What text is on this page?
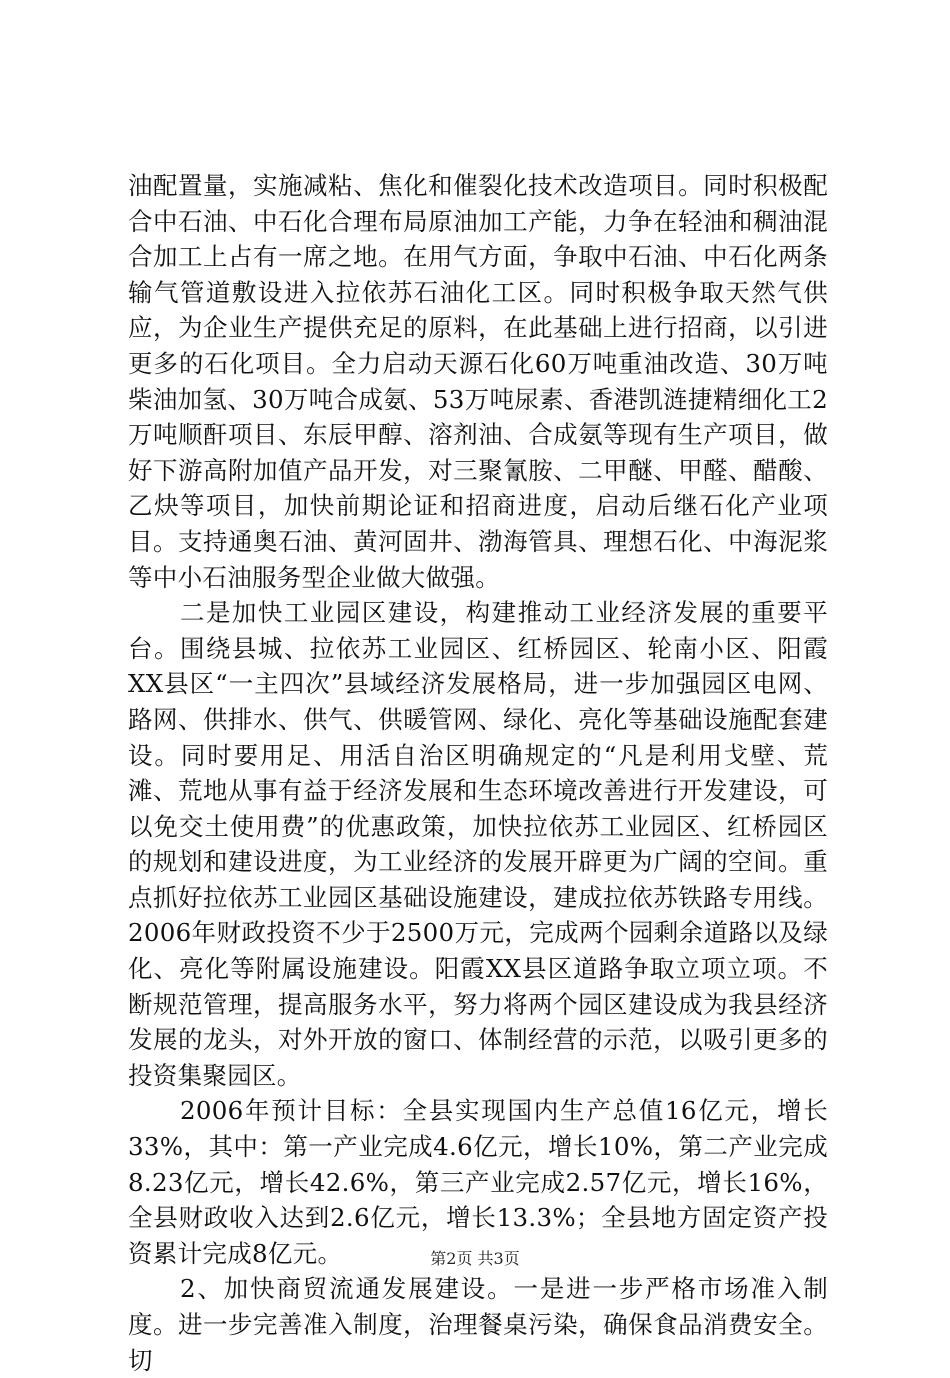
油配置量，实施减粘、焦化和催裂化技术改造项目。同时积极配合中石油、中石化合理布局原油加工产能，力争在轻油和稠油混合加工上占有一席之地。在用气方面，争取中石油、中石化两条输气管道敷设进入拉依苏石油化工区。同时积极争取天然气供应，为企业生产提供充足的原料，在此基础上进行招商，以引进更多的石化项目。全力启动天源石化60万吨重油改造、30万吨柴油加氢、30万吨合成氨、53万吨尿素、香港凯涟捷精细化工2万吨顺酐项目、东辰甲醇、溶剂油、合成氨等现有生产项目，做好下游高附加值产品开发，对三聚氰胺、二甲醚、甲醛、醋酸、乙炔等项目，加快前期论证和招商进度，启动后继石化产业项目。支持通奥石油、黄河固井、渤海管具、理想石化、中海泥浆等中小石油服务型企业做大做强。

二是加快工业园区建设，构建推动工业经济发展的重要平台。围绕县城、拉依苏工业园区、红桥园区、轮南小区、阳霞XX县区“一主四次”县域经济发展格局，进一步加强园区电网、路网、供排水、供气、供暖管网、绿化、亮化等基础设施配套建设。同时要用足、用活自治区明确规定的“凡是利用戈壁、荒滩、荒地从事有益于经济发展和生态环境改善进行开发建设，可以免交土使用费”的优惠政策，加快拉依苏工业园区、红桥园区的规划和建设进度，为工业经济的发展开辟更为广阔的空间。重点抓好拉依苏工业园区基础设施建设，建成拉依苏铁路专用线。2006年财政投资不少于2500万元，完成两个园剩余道路以及绿化、亮化等附属设施建设。阳霞XX县区道路争取立项立项。不断规范管理，提高服务水平，努力将两个园区建设成为我县经济发展的龙头，对外开放的窗口、体制经营的示范，以吸引更多的投资集聚园区。

2006年预计目标：全县实现国内生产总值16亿元，增长33%，其中：第一产业完成4.6亿元，增长10%，第二产业完成8.23亿元，增长42.6%，第三产业完成2.57亿元，增长16%，全县财政收入达到2.6亿元，增长13.3%；全县地方固定资产投资累计完成8亿元。

2、加快商贸流通发展建设。一是进一步严格市场准入制度。进一步完善准入制度，治理餐桌污染，确保食品消费安全。切

第2页 共3页
